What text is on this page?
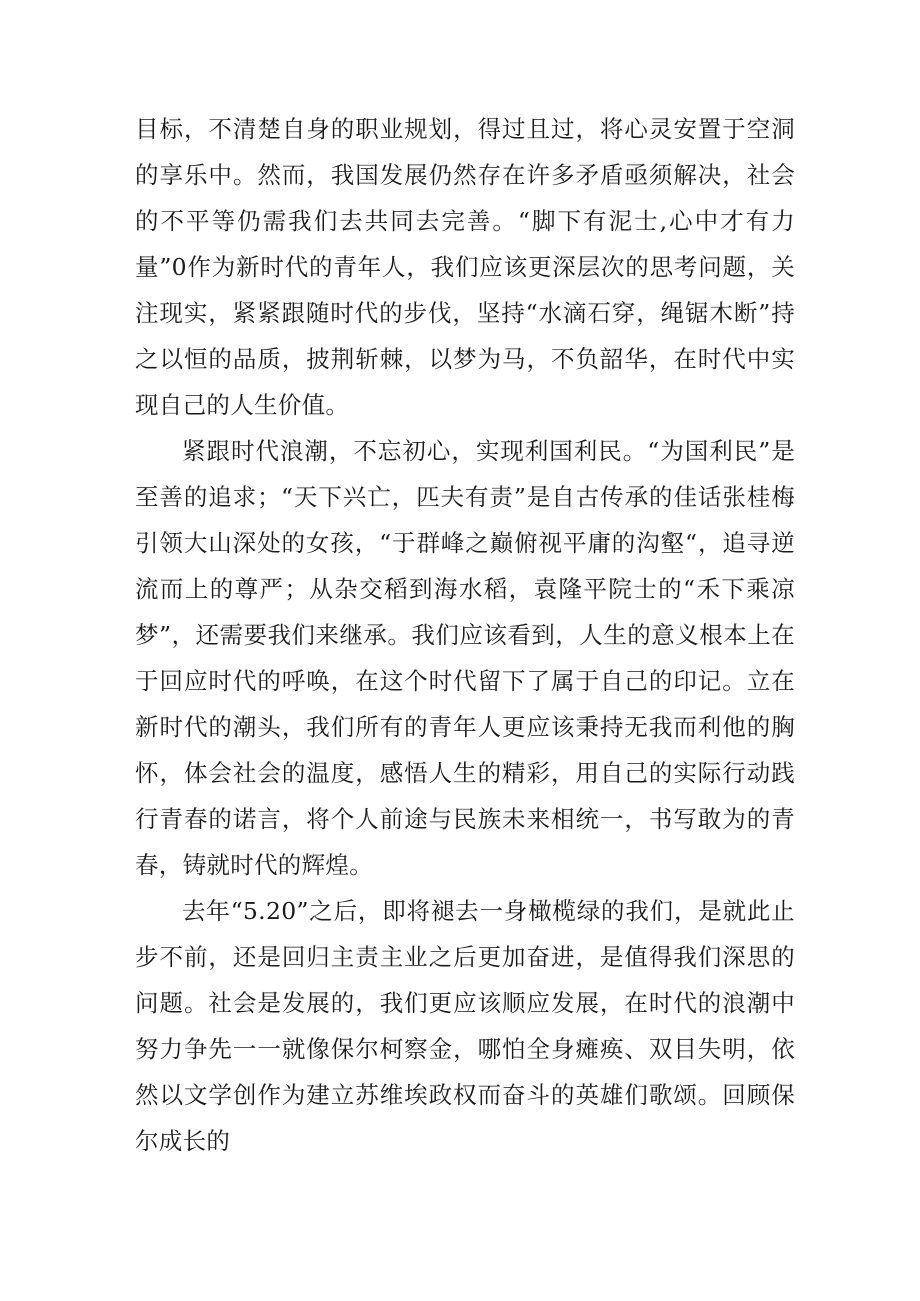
目标，不清楚自身的职业规划，得过且过，将心灵安置于空洞的享乐中。然而，我国发展仍然存在许多矛盾亟须解决，社会的不平等仍需我们去共同去完善。“脚下有泥士,心中才有力量”0作为新时代的青年人，我们应该更深层次的思考问题，关注现实，紧紧跟随时代的步伐，坚持“水滴石穿，绳锯木断”持之以恒的品质，披荆斩棘，以梦为马，不负韶华，在时代中实现自己的人生价值。

紧跟时代浪潮，不忘初心，实现利国利民。“为国利民”是至善的追求；“天下兴亡，匹夫有责”是自古传承的佳话张桂梅引领大山深处的女孩，“于群峰之巅俯视平庸的沟壑“，追寻逆流而上的尊严；从杂交稻到海水稻，袁隆平院士的“禾下乘凉梦”，还需要我们来继承。我们应该看到，人生的意义根本上在于回应时代的呼唤，在这个时代留下了属于自己的印记。立在新时代的潮头，我们所有的青年人更应该秉持无我而利他的胸怀，体会社会的温度，感悟人生的精彩，用自己的实际行动践行青春的诺言，将个人前途与民族未来相统一，书写敢为的青春，铸就时代的辉煌。

去年“5.20”之后，即将褪去一身橄榄绿的我们，是就此止步不前，还是回归主责主业之后更加奋进，是值得我们深思的问题。社会是发展的，我们更应该顺应发展，在时代的浪潮中努力争先一一就像保尔柯察金，哪怕全身瘫痪、双目失明，依然以文学创作为建立苏维埃政权而奋斗的英雄们歌颂。回顾保尔成长的
